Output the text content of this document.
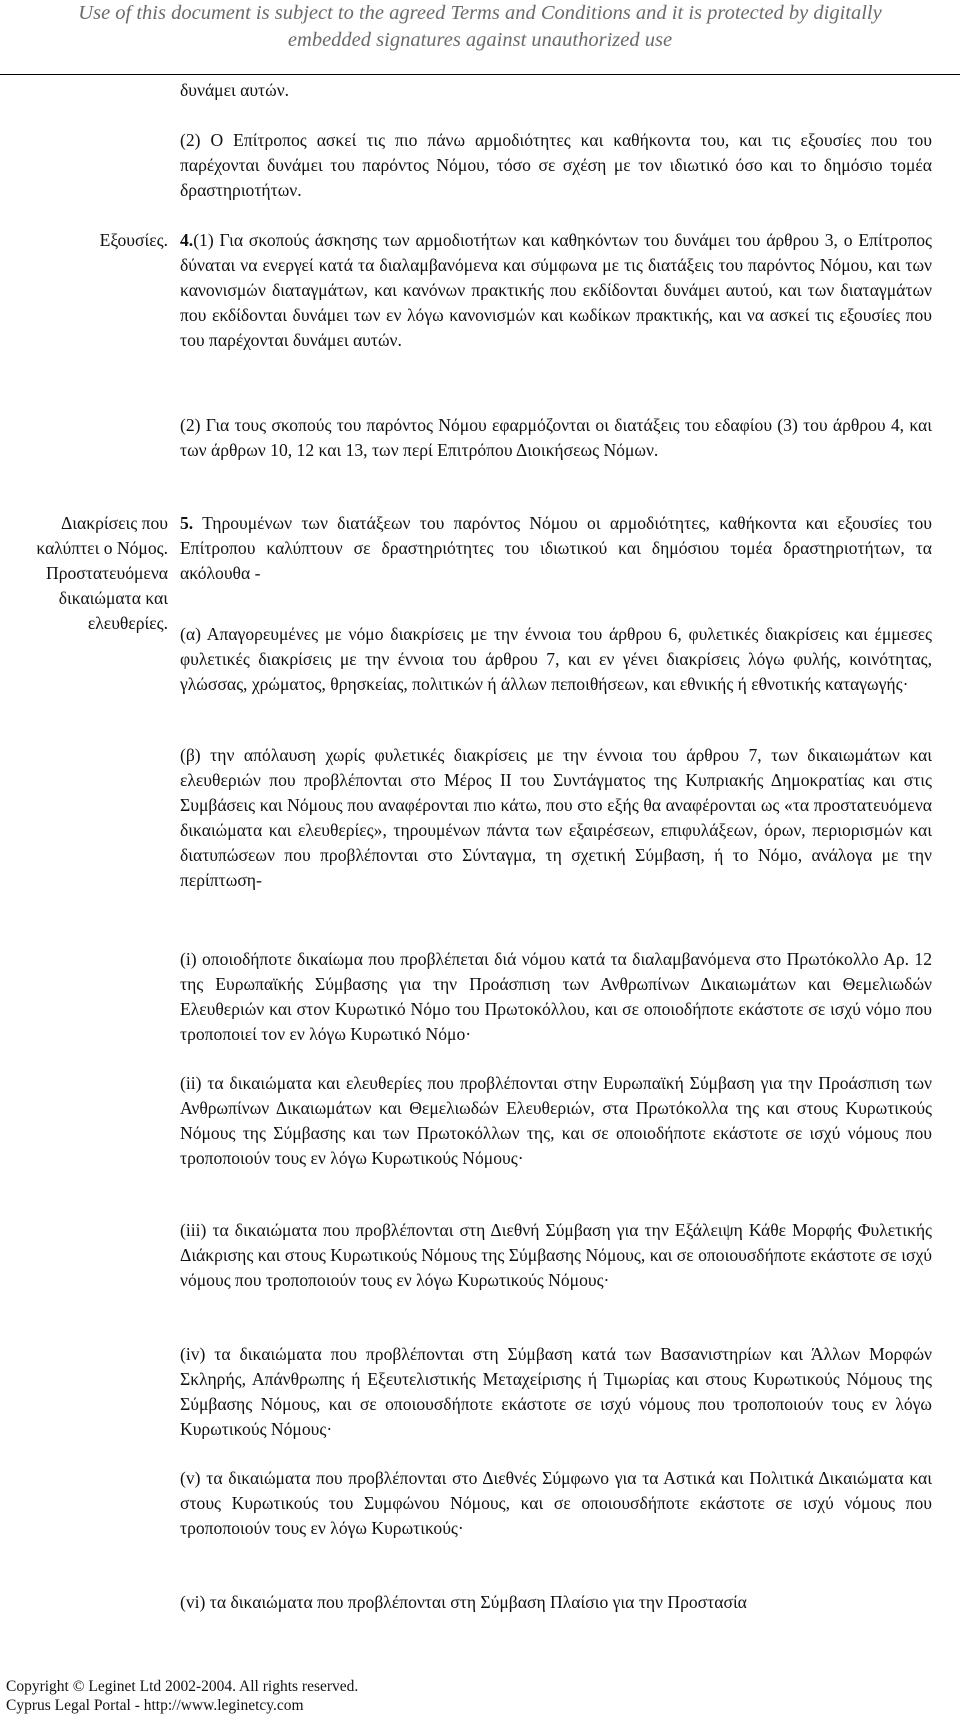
Use of this document is subject to the agreed Terms and Conditions and it is protected by digitally
embedded signatures against unauthorized use

δυνάμει αυτών.

(2) Ο Επίτροπος ασκεί τις πιο πάνω αρμοδιότητες και καθήκοντα του, και τις εξουσίες που του παρέχονται δυνάμει του παρόντος Νόμου, τόσο σε σχέση με τον ιδιωτικό όσο και το δημόσιο τομέα δραστηριοτήτων.

Εξουσίες. 4.(1) Για σκοπούς άσκησης των αρμοδιοτήτων και καθηκόντων του δυνάμει του άρθρου 3, ο Επίτροπος δύναται να ενεργεί κατά τα διαλαμβανόμενα και σύμφωνα με τις διατάξεις του παρόντος Νόμου, και των κανονισμών διαταγμάτων, και κανόνων πρακτικής που εκδίδονται δυνάμει αυτού, και των διαταγμάτων που εκδίδονται δυνάμει των εν λόγω κανονισμών και κωδίκων πρακτικής, και να ασκεί τις εξουσίες που του παρέχονται δυνάμει αυτών.

(2) Για τους σκοπούς του παρόντος Νόμου εφαρμόζονται οι διατάξεις του εδαφίου (3) του άρθρου 4, και των άρθρων 10, 12 και 13, των περί Επιτρόπου Διοικήσεως Νόμων.

Διακρίσεις που
καλύπτει ο Νόμος.
Προστατευόμενα
δικαιώματα και
ελευθερίες.

5. Τηρουμένων των διατάξεων του παρόντος Νόμου οι αρμοδιότητες, καθήκοντα και εξουσίες του Επίτροπου καλύπτουν σε δραστηριότητες του ιδιωτικού και δημόσιου τομέα δραστηριοτήτων, τα ακόλουθα -

(α) Απαγορευμένες με νόμο διακρίσεις με την έννοια του άρθρου 6, φυλετικές διακρίσεις και έμμεσες φυλετικές διακρίσεις με την έννοια του άρθρου 7, και εν γένει διακρίσεις λόγω φυλής, κοινότητας, γλώσσας, χρώματος, θρησκείας, πολιτικών ή άλλων πεποιθήσεων, και εθνικής ή εθνοτικής καταγωγής·

(β) την απόλαυση χωρίς φυλετικές διακρίσεις με την έννοια του άρθρου 7, των δικαιωμάτων και ελευθεριών που προβλέπονται στο Μέρος ΙΙ του Συντάγματος της Κυπριακής Δημοκρατίας και στις Συμβάσεις και Νόμους που αναφέρονται πιο κάτω, που στο εξής θα αναφέρονται ως «τα προστατευόμενα δικαιώματα και ελευθερίες», τηρουμένων πάντα των εξαιρέσεων, επιφυλάξεων, όρων, περιορισμών και διατυπώσεων που προβλέπονται στο Σύνταγμα, τη σχετική Σύμβαση, ή το Νόμο, ανάλογα με την περίπτωση-

(i) οποιοδήποτε δικαίωμα που προβλέπεται διά νόμου κατά τα διαλαμβανόμενα στο Πρωτόκολλο Αρ. 12 της Ευρωπαϊκής Σύμβασης για την Προάσπιση των Ανθρωπίνων Δικαιωμάτων και Θεμελιωδών Ελευθεριών και στον Κυρωτικό Νόμο του Πρωτοκόλλου, και σε οποιοδήποτε εκάστοτε σε ισχύ νόμο που τροποποιεί τον εν λόγω Κυρωτικό Νόμο·

(ii) τα δικαιώματα και ελευθερίες που προβλέπονται στην Ευρωπαϊκή Σύμβαση για την Προάσπιση των Ανθρωπίνων Δικαιωμάτων και Θεμελιωδών Ελευθεριών, στα Πρωτόκολλα της και στους Κυρωτικούς Νόμους της Σύμβασης και των Πρωτοκόλλων της, και σε οποιοδήποτε εκάστοτε σε ισχύ νόμους που τροποποιούν τους εν λόγω Κυρωτικούς Νόμους·

(iii) τα δικαιώματα που προβλέπονται στη Διεθνή Σύμβαση για την Εξάλειψη Κάθε Μορφής Φυλετικής Διάκρισης και στους Κυρωτικούς Νόμους της Σύμβασης Νόμους, και σε οποιουσδήποτε εκάστοτε σε ισχύ νόμους που τροποποιούν τους εν λόγω Κυρωτικούς Νόμους·

(iv) τα δικαιώματα που προβλέπονται στη Σύμβαση κατά των Βασανιστηρίων και Άλλων Μορφών Σκληρής, Απάνθρωπης ή Εξευτελιστικής Μεταχείρισης ή Τιμωρίας και στους Κυρωτικούς Νόμους της Σύμβασης Νόμους, και σε οποιουσδήποτε εκάστοτε σε ισχύ νόμους που τροποποιούν τους εν λόγω Κυρωτικούς Νόμους·

(v) τα δικαιώματα που προβλέπονται στο Διεθνές Σύμφωνο για τα Αστικά και Πολιτικά Δικαιώματα και στους Κυρωτικούς του Συμφώνου Νόμους, και σε οποιουσδήποτε εκάστοτε σε ισχύ νόμους που τροποποιούν τους εν λόγω Κυρωτικούς·

(vi) τα δικαιώματα που προβλέπονται στη Σύμβαση Πλαίσιο για την Προστασία

Copyright © Leginet Ltd 2002-2004. All rights reserved.
Cyprus Legal Portal - http://www.leginetcy.com
